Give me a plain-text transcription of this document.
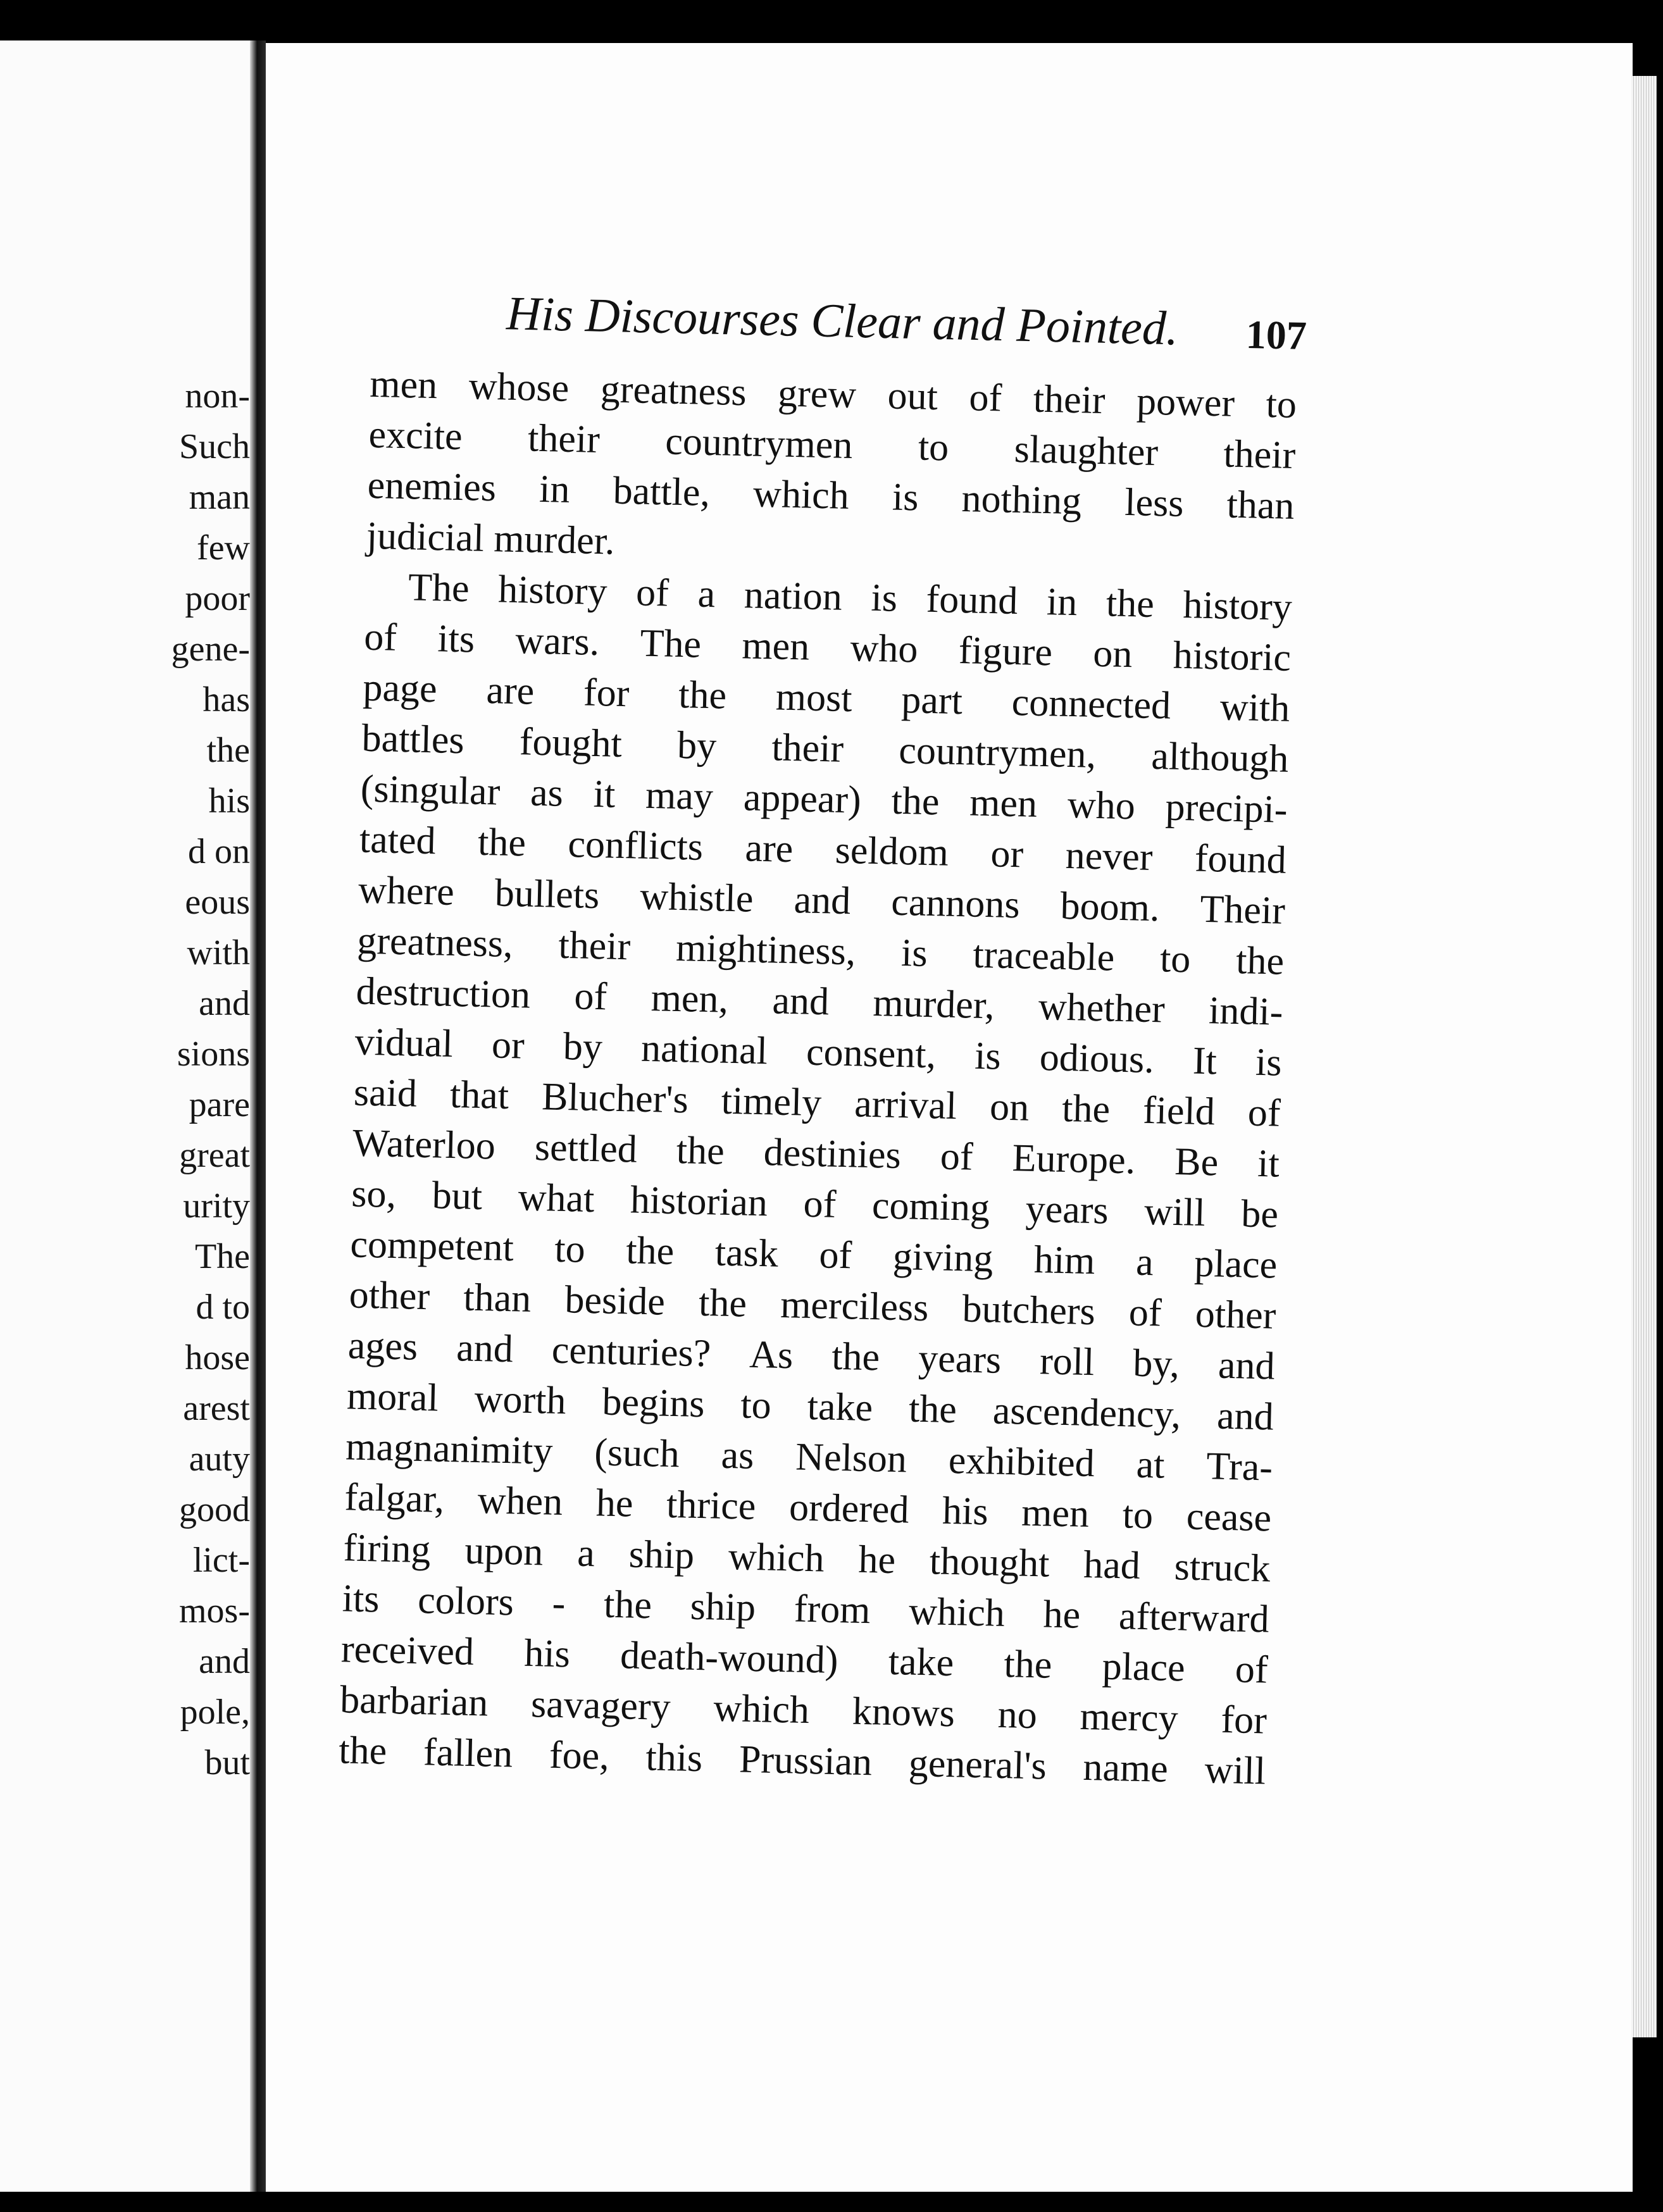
non-
Such
man
few
poor
gene-
has
the
his
d on
eous
with
and
sions
pare
great
urity
The
d to
hose
arest
auty
good
lict-
mos-
and
pole,
but
His Discourses Clear and Pointed. 107
men whose greatness grew out of their power to
excite their countrymen to slaughter their
enemies in battle, which is nothing less than
judicial murder.
The history of a nation is found in the history
of its wars. The men who figure on historic
page are for the most part connected with
battles fought by their countrymen, although
(singular as it may appear) the men who precipi-
tated the conflicts are seldom or never found
where bullets whistle and cannons boom. Their
greatness, their mightiness, is traceable to the
destruction of men, and murder, whether indi-
vidual or by national consent, is odious. It is
said that Blucher's timely arrival on the field of
Waterloo settled the destinies of Europe. Be it
so, but what historian of coming years will be
competent to the task of giving him a place
other than beside the merciless butchers of other
ages and centuries? As the years roll by, and
moral worth begins to take the ascendency, and
magnanimity (such as Nelson exhibited at Tra-
falgar, when he thrice ordered his men to cease
firing upon a ship which he thought had struck
its colors - the ship from which he afterward
received his death-wound) take the place of
barbarian savagery which knows no mercy for
the fallen foe, this Prussian general's name will
